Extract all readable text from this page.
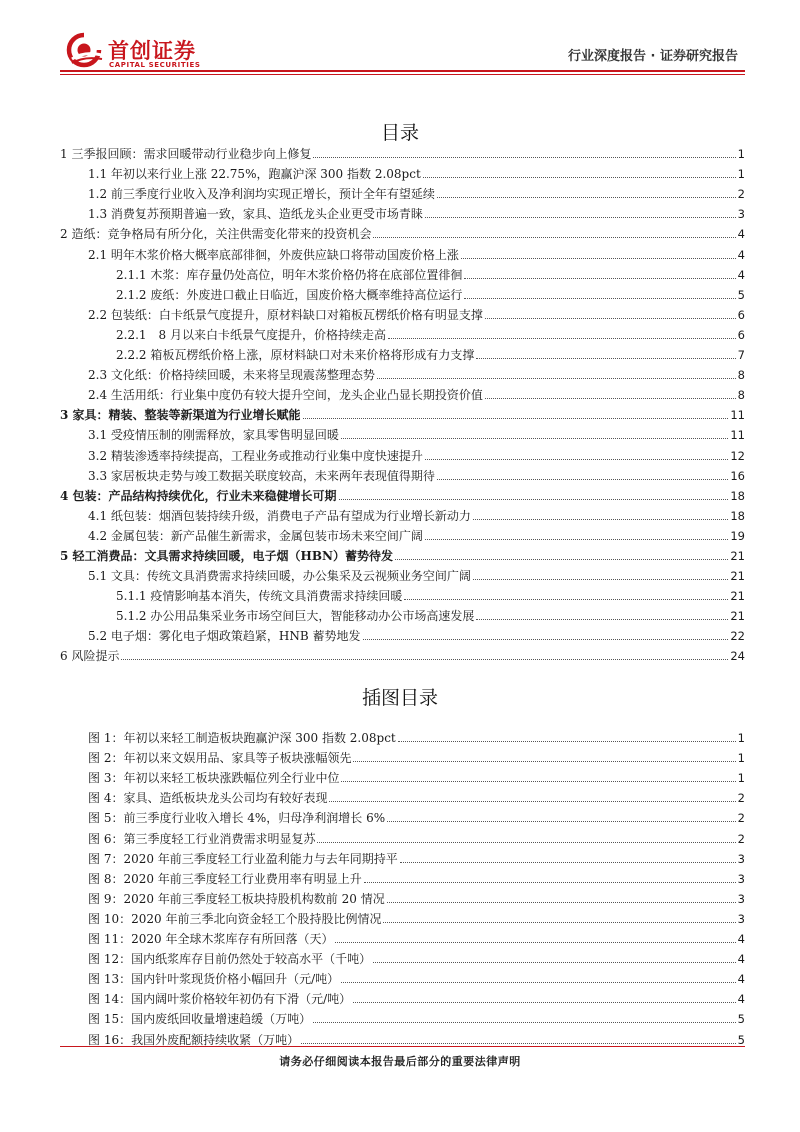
首创证券
CAPITAL SECURITIES
行业深度报告 · 证券研究报告
目录
1 三季报回顾：需求回暖带动行业稳步向上修复	1
1.1 年初以来行业上涨 22.75%，跑赢沪深 300 指数 2.08pct	1
1.2 前三季度行业收入及净利润均实现正增长，预计全年有望延续	2
1.3 消费复苏预期普遍一致，家具、造纸龙头企业更受市场青睐	3
2 造纸：竞争格局有所分化，关注供需变化带来的投资机会	4
2.1 明年木浆价格大概率底部徘徊，外废供应缺口将带动国废价格上涨	4
2.1.1 木浆：库存量仍处高位，明年木浆价格仍将在底部位置徘徊	4
2.1.2 废纸：外废进口截止日临近，国废价格大概率维持高位运行	5
2.2 包装纸：白卡纸景气度提升，原材料缺口对箱板瓦楞纸价格有明显支撑	6
2.2.1　8 月以来白卡纸景气度提升，价格持续走高	6
2.2.2 箱板瓦楞纸价格上涨，原材料缺口对未来价格将形成有力支撑	7
2.3 文化纸：价格持续回暖，未来将呈现震荡整理态势	8
2.4 生活用纸：行业集中度仍有较大提升空间，龙头企业凸显长期投资价值	8
3 家具：精装、整装等新渠道为行业增长赋能	11
3.1 受疫情压制的刚需释放，家具零售明显回暖	11
3.2 精装渗透率持续提高，工程业务或推动行业集中度快速提升	12
3.3 家居板块走势与竣工数据关联度较高，未来两年表现值得期待	16
4 包装：产品结构持续优化，行业未来稳健增长可期	18
4.1 纸包装：烟酒包装持续升级，消费电子产品有望成为行业增长新动力	18
4.2 金属包装：新产品催生新需求，金属包装市场未来空间广阔	19
5 轻工消费品：文具需求持续回暖，电子烟（HBN）蓄势待发	21
5.1 文具：传统文具消费需求持续回暖，办公集采及云视频业务空间广阔	21
5.1.1 疫情影响基本消失，传统文具消费需求持续回暖	21
5.1.2 办公用品集采业务市场空间巨大，智能移动办公市场高速发展	21
5.2 电子烟：雾化电子烟政策趋紧，HNB 蓄势地发	22
6 风险提示	24
插图目录
图 1：年初以来轻工制造板块跑赢沪深 300 指数 2.08pct	1
图 2：年初以来文娱用品、家具等子板块涨幅领先	1
图 3：年初以来轻工板块涨跌幅位列全行业中位	1
图 4：家具、造纸板块龙头公司均有较好表现	2
图 5：前三季度行业收入增长 4%，归母净利润增长 6%	2
图 6：第三季度轻工行业消费需求明显复苏	2
图 7：2020 年前三季度轻工行业盈利能力与去年同期持平	3
图 8：2020 年前三季度轻工行业费用率有明显上升	3
图 9：2020 年前三季度轻工板块持股机构数前 20 情况	3
图 10：2020 年前三季北向资金轻工个股持股比例情况	3
图 11：2020 年全球木浆库存有所回落（天）	4
图 12：国内纸浆库存目前仍然处于较高水平（千吨）	4
图 13：国内针叶浆现货价格小幅回升（元/吨）	4
图 14：国内阔叶浆价格较年初仍有下滑（元/吨）	4
图 15：国内废纸回收量增速趋缓（万吨）	5
图 16：我国外废配额持续收紧（万吨）	5
请务必仔细阅读本报告最后部分的重要法律声明
